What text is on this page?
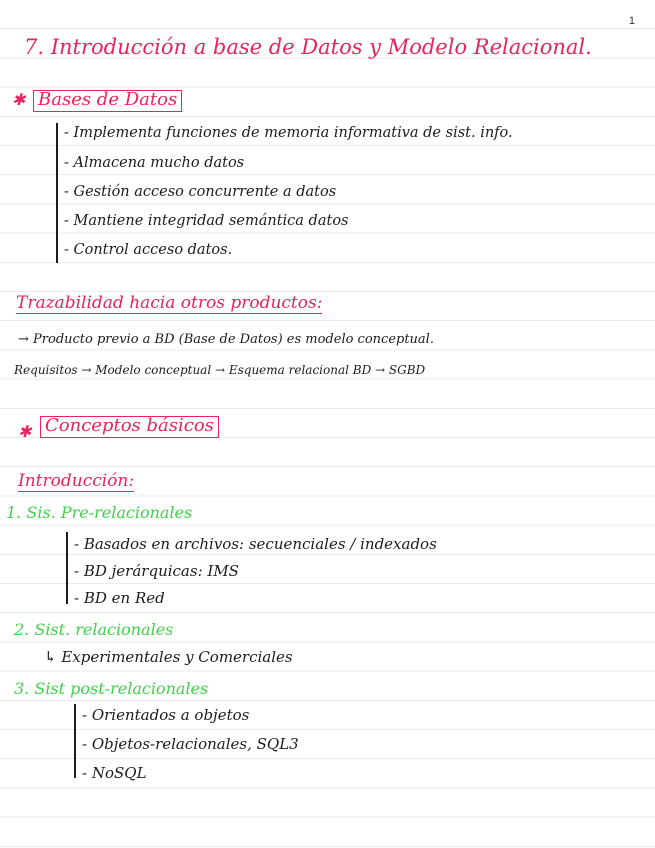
1
7. Introducción a base de Datos y Modelo Relacional.
✱ Bases de Datos
- Implementa funciones de memoria informativa de sist. info.
- Almacena mucho datos
- Gestión acceso concurrente a datos
- Mantiene integridad semántica datos
- Control acceso datos.
Trazabilidad hacia otros productos:
→ Producto previo a BD (Base de Datos) es modelo conceptual.
Requisitos → Modelo conceptual → Esquema relacional BD → SGBD
✱ Conceptos básicos
Introducción:
1. Sis. Pre-relacionales
- Basados en archivos: secuenciales / indexados
- BD jerárquicas: IMS
- BD en Red
2. Sist. relacionales
↳ Experimentales y Comerciales
3. Sist post-relacionales
- Orientados a objetos
- Objetos-relacionales, SQL3
- NoSQL
